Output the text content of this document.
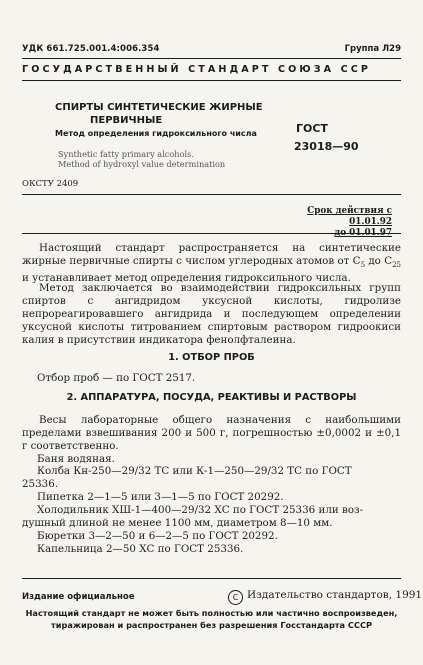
УДК 661.725.001.4:006.354	Группа Л29
ГОСУДАРСТВЕННЫЙ СТАНДАРТ СОЮЗА ССР
СПИРТЫ СИНТЕТИЧЕСКИЕ ЖИРНЫЕ
ПЕРВИЧНЫЕ
Метод определения гидроксильного числа
Synthetic fatty primary alcohols.
Method of hydroxyl value determination
ГОСТ
23018—90
ОКСТУ 2409
Срок действия с 01.01.92
до 01.01.97
Настоящий стандарт распространяется на синтетические жирные первичные спирты с числом углеродных атомов от $C_5$ до $C_{25}$ и устанавливает метод определения гидроксильного числа.
Метод заключается во взаимодействии гидроксильных групп спиртов с ангидридом уксусной кислоты, гидролизе непрореагировавшего ангидрида и последующем определении уксусной кислоты титрованием спиртовым раствором гидроокиси калия в присутствии индикатора фенолфталеина.
1. ОТБОР ПРОБ
Отбор проб — по ГОСТ 2517.
2. АППАРАТУРА, ПОСУДА, РЕАКТИВЫ И РАСТВОРЫ
Весы лабораторные общего назначения с наибольшими пределами взвешивания 200 и 500 г, погрешностью ±0,0002 и ±0,1 г соответственно.
Баня водяная.
Колба Кн-250—29/32 ТС или К-1—250—29/32 ТС по ГОСТ
25336.
Пипетка 2—1—5 или 3—1—5 по ГОСТ 20292.
Холодильник ХШ-1—400—29/32 ХС по ГОСТ 25336 или воз-
душный длиной не менее 1100 мм, диаметром 8—10 мм.
Бюретки 3—2—50 и 6—2—5 по ГОСТ 20292.
Капельница 2—50 ХС по ГОСТ 25336.
Издание официальное	C Издательство стандартов, 1991
Настоящий стандарт не может быть полностью или частично воспроизведен,
тиражирован и распространен без разрешения Госстандарта СССР
